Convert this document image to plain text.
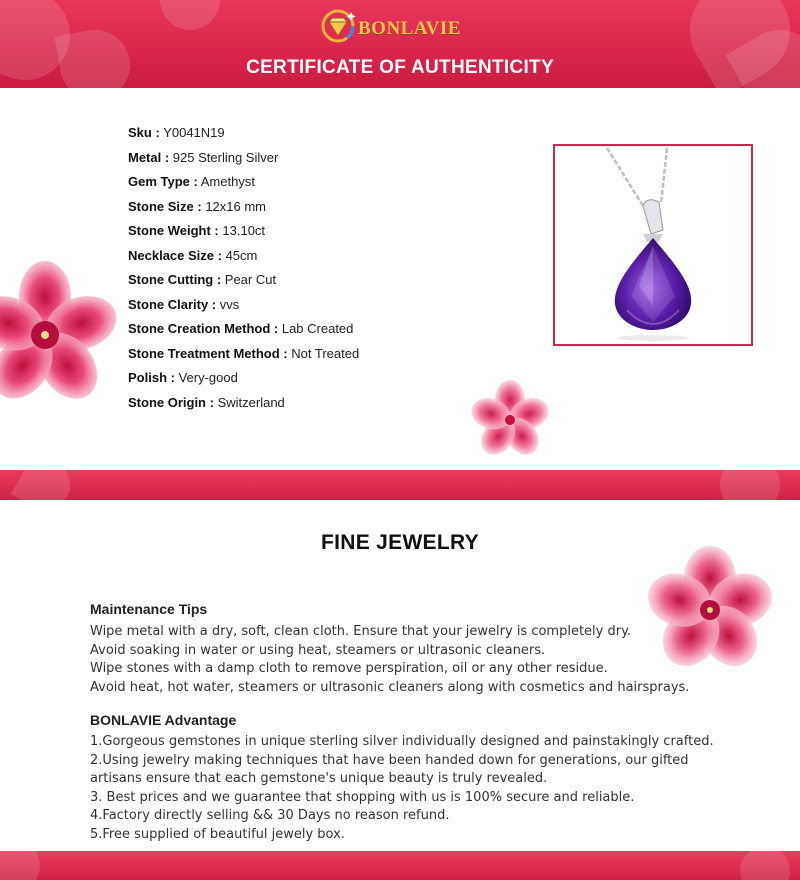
BONLAVIE
CERTIFICATE OF AUTHENTICITY
Sku : Y0041N19
Metal : 925 Sterling Silver
Gem Type : Amethyst
Stone Size : 12x16 mm
Stone Weight : 13.10ct
Necklace Size : 45cm
Stone Cutting : Pear Cut
Stone Clarity : vvs
Stone Creation Method : Lab Created
Stone Treatment Method : Not Treated
Polish : Very-good
Stone Origin : Switzerland
FINE JEWELRY
Maintenance Tips
Wipe metal with a dry, soft, clean cloth. Ensure that your jewelry is completely dry.
Avoid soaking in water or using heat, steamers or ultrasonic cleaners.
Wipe stones with a damp cloth to remove perspiration, oil or any other residue.
Avoid heat, hot water, steamers or ultrasonic cleaners along with cosmetics and hairsprays.
BONLAVIE Advantage
1.Gorgeous gemstones in unique sterling silver individually designed and painstakingly crafted.
2.Using jewelry making techniques that have been handed down for generations, our gifted
artisans ensure that each gemstone's unique beauty is truly revealed.
3. Best prices and we guarantee that shopping with us is 100% secure and reliable.
4.Factory directly selling && 30 Days no reason refund.
5.Free supplied of beautiful jewely box.
